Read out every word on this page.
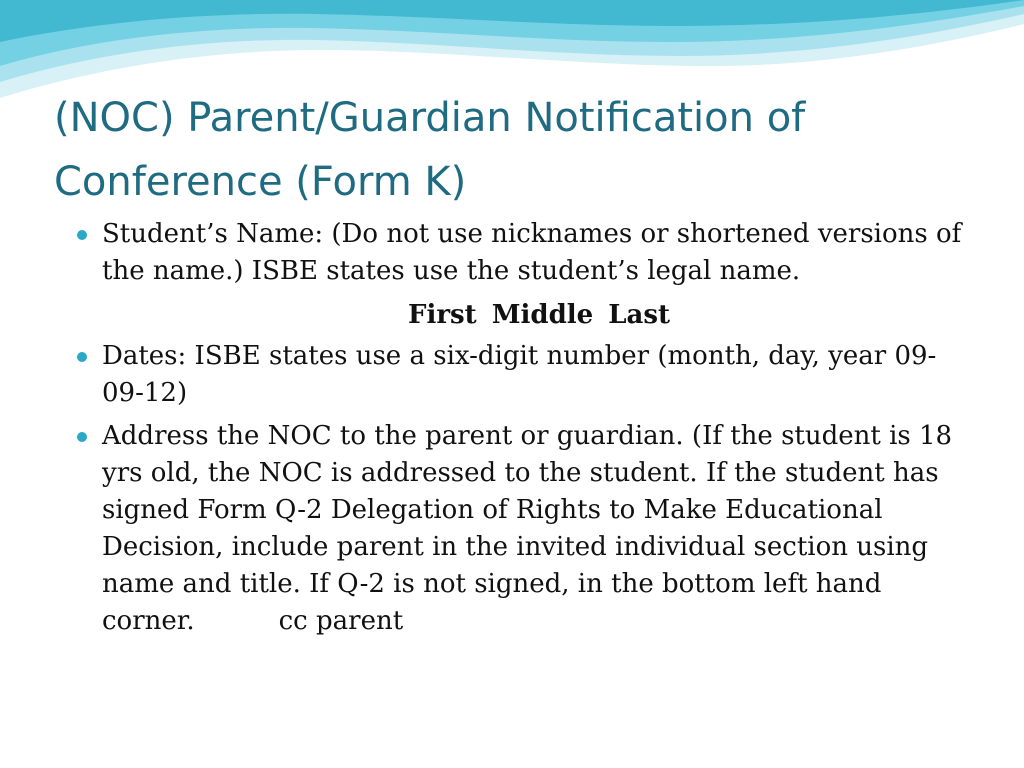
(NOC) Parent/Guardian Notification of Conference (Form K)
Student’s Name: (Do not use nicknames or shortened versions of the name.) ISBE states use the student’s legal name.
First Middle Last
Dates: ISBE states use a six-digit number (month, day, year 09-09-12)
Address the NOC to the parent or guardian. (If the student is 18 yrs old, the NOC is addressed to the student. If the student has signed Form Q-2 Delegation of Rights to Make Educational Decision, include parent in the invited individual section using name and title. If Q-2 is not signed, in the bottom left hand corner.	cc parent
